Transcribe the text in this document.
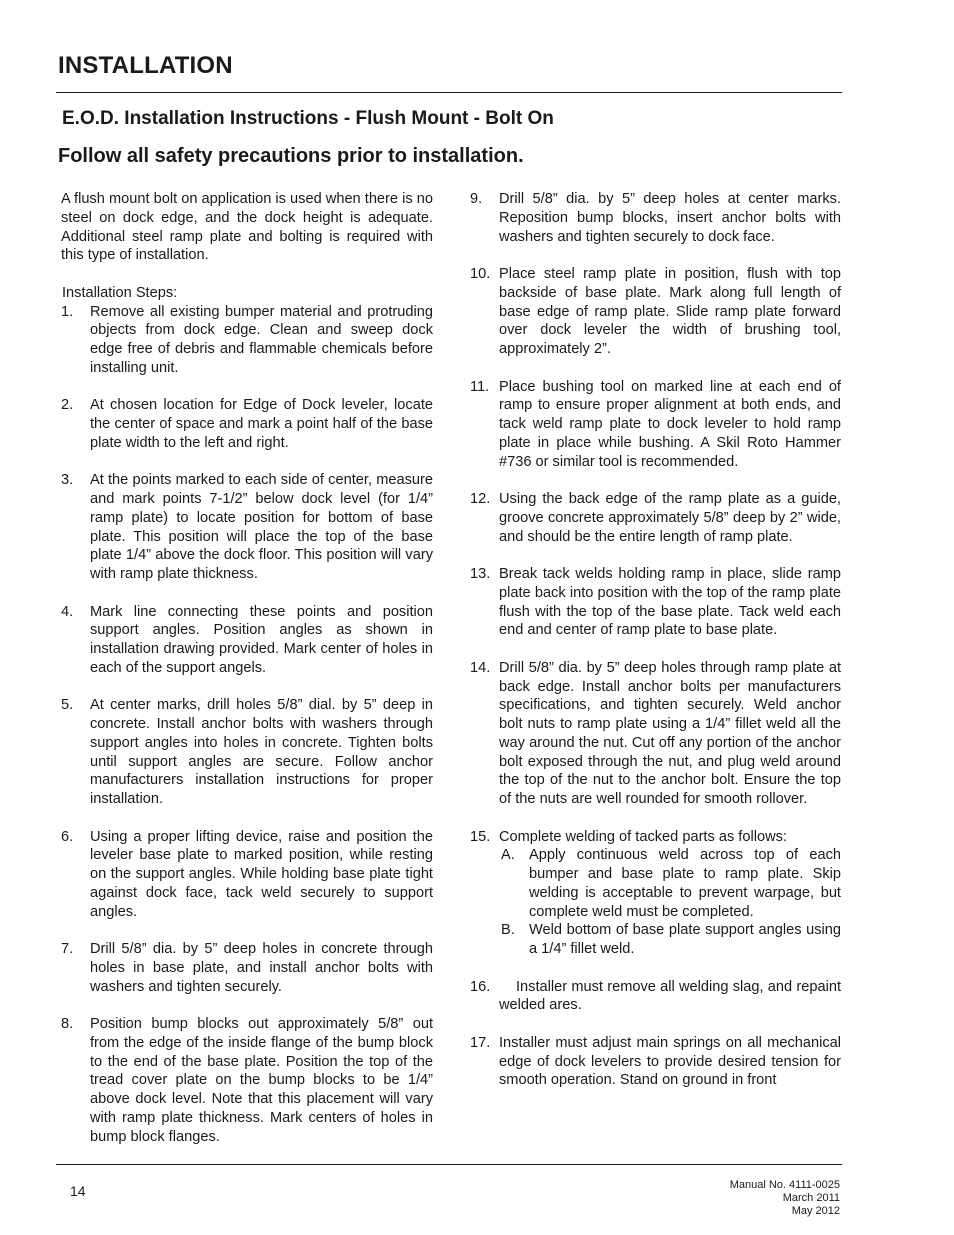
INSTALLATION
E.O.D. Installation Instructions - Flush Mount - Bolt On
Follow all safety precautions prior to installation.

A flush mount bolt on application is used when there is no steel on dock edge, and the dock height is adequate. Additional steel ramp plate and bolting is required with this type of installation.

Installation Steps:

1. Remove all existing bumper material and protruding objects from dock edge. Clean and sweep dock edge free of debris and flammable chemicals before installing unit.
2. At chosen location for Edge of Dock leveler, locate the center of space and mark a point half of the base plate width to the left and right.
3. At the points marked to each side of center, measure and mark points 7-1/2” below dock level (for 1/4” ramp plate) to locate position for bottom of base plate. This position will place the top of the base plate 1/4” above the dock floor. This position will vary with ramp plate thickness.
4. Mark line connecting these points and position support angles. Position angles as shown in installation drawing provided. Mark center of holes in each of the support angels.
5. At center marks, drill holes 5/8” dial. by 5” deep in concrete. Install anchor bolts with washers through support angles into holes in concrete. Tighten bolts until support angles are secure. Follow anchor manufacturers installation instructions for proper installation.
6. Using a proper lifting device, raise and position the leveler base plate to marked position, while resting on the support angles. While holding base plate tight against dock face, tack weld securely to support angles.
7. Drill 5/8” dia. by 5” deep holes in concrete through holes in base plate, and install anchor bolts with washers and tighten securely.
8. Position bump blocks out approximately 5/8” out from the edge of the inside flange of the bump block to the end of the base plate. Position the top of the tread cover plate on the bump blocks to be 1/4” above dock level. Note that this placement will vary with ramp plate thickness. Mark centers of holes in bump block flanges.
9. Drill 5/8” dia. by 5” deep holes at center marks. Reposition bump blocks, insert anchor bolts with washers and tighten securely to dock face.
10. Place steel ramp plate in position, flush with top backside of base plate. Mark along full length of base edge of ramp plate. Slide ramp plate forward over dock leveler the width of brushing tool, approximately 2”.
11. Place bushing tool on marked line at each end of ramp to ensure proper alignment at both ends, and tack weld ramp plate to dock leveler to hold ramp plate in place while bushing. A Skil Roto Hammer #736 or similar tool is recommended.
12. Using the back edge of the ramp plate as a guide, groove concrete approximately 5/8” deep by 2” wide, and should be the entire length of ramp plate.
13. Break tack welds holding ramp in place, slide ramp plate back into position with the top of the ramp plate flush with the top of the base plate. Tack weld each end and center of ramp plate to base plate.
14. Drill 5/8” dia. by 5” deep holes through ramp plate at back edge. Install anchor bolts per manufacturers specifications, and tighten securely. Weld anchor bolt nuts to ramp plate using a 1/4” fillet weld all the way around the nut. Cut off any portion of the anchor bolt exposed through the nut, and plug weld around the top of the nut to the anchor bolt. Ensure the top of the nuts are well rounded for smooth rollover.
15. Complete welding of tacked parts as follows:
A. Apply continuous weld across top of each bumper and base plate to ramp plate. Skip welding is acceptable to prevent warpage, but complete weld must be completed.
B. Weld bottom of base plate support angles using a 1/4” fillet weld.
16. Installer must remove all welding slag, and repaint welded ares.
17. Installer must adjust main springs on all mechanical edge of dock levelers to provide desired tension for smooth operation. Stand on ground in front
14	Manual No. 4111-0025
March 2011
May 2012
